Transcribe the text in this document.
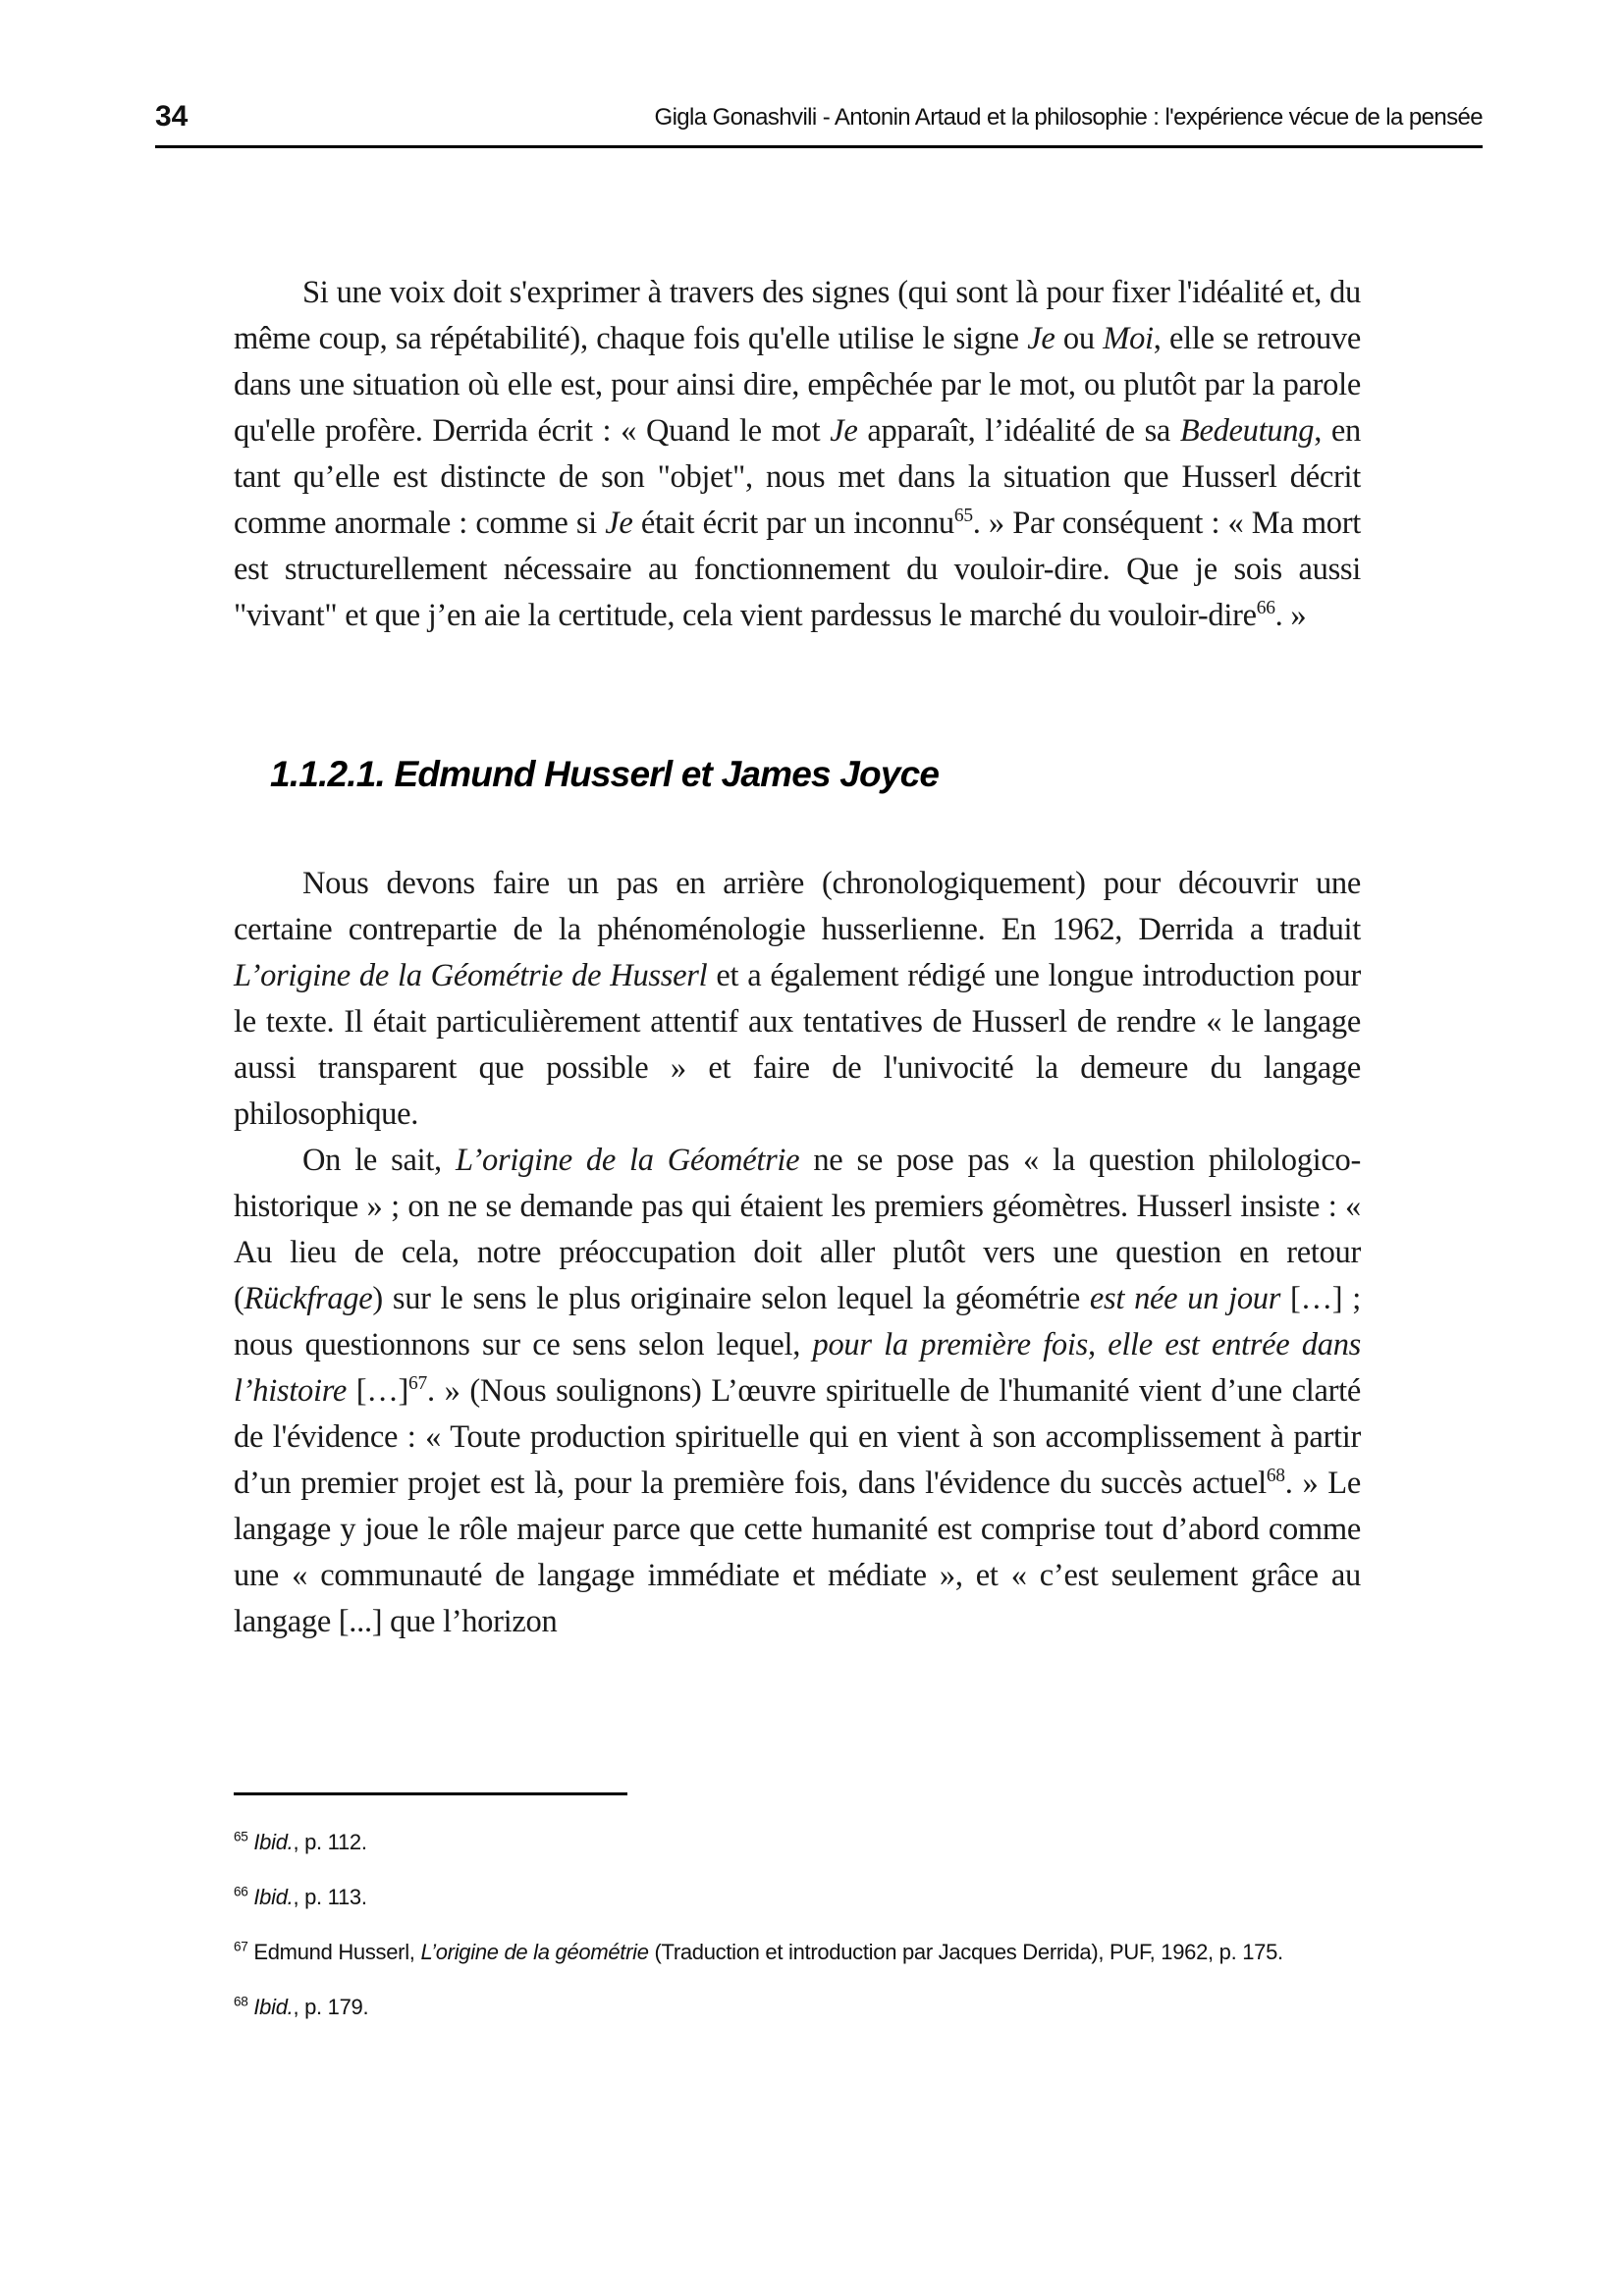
34	Gigla Gonashvili - Antonin Artaud et la philosophie : l'expérience vécue de la pensée

Si une voix doit s'exprimer à travers des signes (qui sont là pour fixer l'idéalité et, du même coup, sa répétabilité), chaque fois qu'elle utilise le signe Je ou Moi, elle se retrouve dans une situation où elle est, pour ainsi dire, empêchée par le mot, ou plutôt par la parole qu'elle profère. Derrida écrit : « Quand le mot Je apparaît, l’idéalité de sa Bedeutung, en tant qu’elle est distincte de son "objet", nous met dans la situation que Husserl décrit comme anormale : comme si Je était écrit par un inconnu$^{65}$. » Par conséquent : « Ma mort est structurellement nécessaire au fonctionnement du vouloir-dire. Que je sois aussi "vivant" et que j’en aie la certitude, cela vient pardessus le marché du vouloir-dire$^{66}$. »

1.1.2.1. Edmund Husserl et James Joyce

Nous devons faire un pas en arrière (chronologiquement) pour découvrir une certaine contrepartie de la phénoménologie husserlienne. En 1962, Derrida a traduit L’origine de la Géométrie de Husserl et a également rédigé une longue introduction pour le texte. Il était particulièrement attentif aux tentatives de Husserl de rendre « le langage aussi transparent que possible » et faire de l'univocité la demeure du langage philosophique.

On le sait, L’origine de la Géométrie ne se pose pas « la question philologico-historique » ; on ne se demande pas qui étaient les premiers géomètres. Husserl insiste : « Au lieu de cela, notre préoccupation doit aller plutôt vers une question en retour (Rückfrage) sur le sens le plus originaire selon lequel la géométrie est née un jour […] ; nous questionnons sur ce sens selon lequel, pour la première fois, elle est entrée dans l’histoire […]$^{67}$. » (Nous soulignons) L’œuvre spirituelle de l'humanité vient d’une clarté de l'évidence : « Toute production spirituelle qui en vient à son accomplissement à partir d’un premier projet est là, pour la première fois, dans l'évidence du succès actuel$^{68}$. » Le langage y joue le rôle majeur parce que cette humanité est comprise tout d’abord comme une « communauté de langage immédiate et médiate », et « c’est seulement grâce au langage [...] que l’horizon

$^{65}$ Ibid., p. 112.

$^{66}$ Ibid., p. 113.

$^{67}$ Edmund Husserl, L’origine de la géométrie (Traduction et introduction par Jacques Derrida), PUF, 1962, p. 175.

$^{68}$ Ibid., p. 179.
